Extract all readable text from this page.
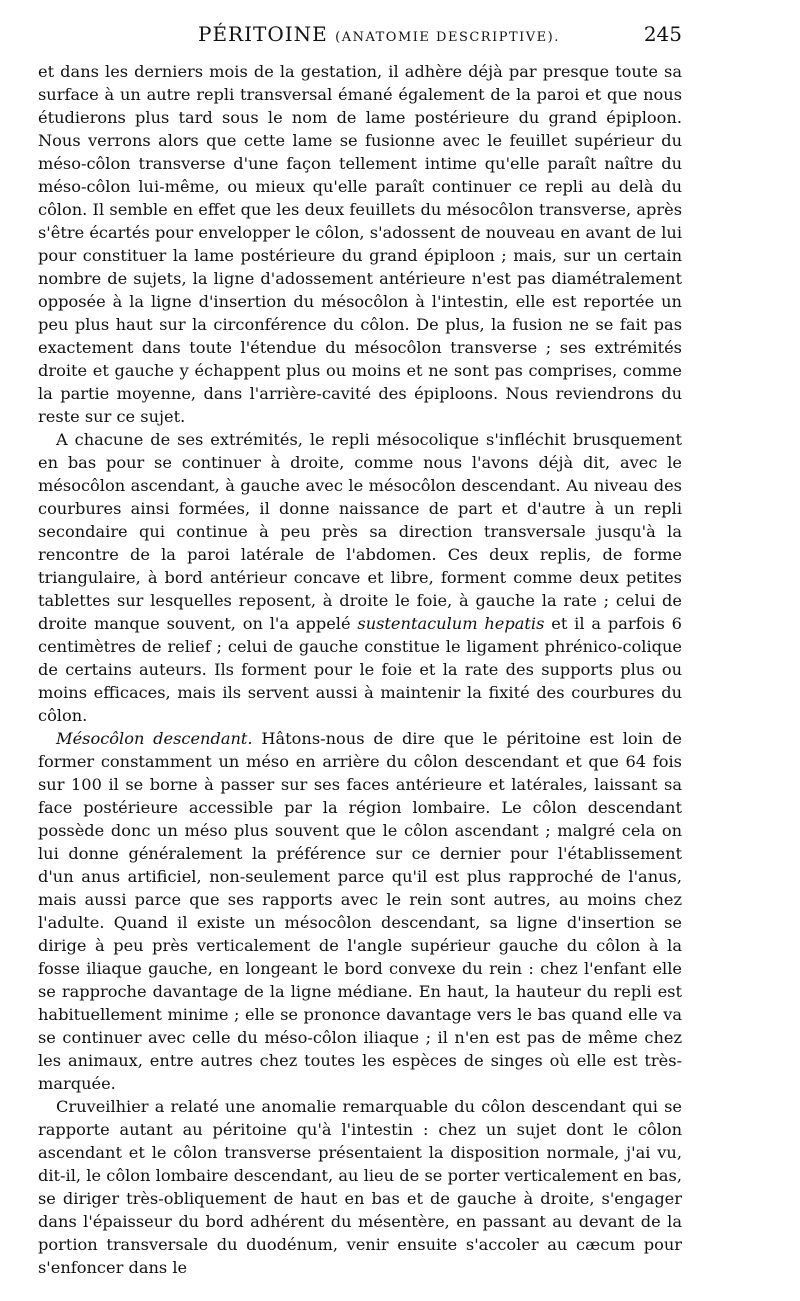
PÉRITOINE (ANATOMIE DESCRIPTIVE).	245

et dans les derniers mois de la gestation, il adhère déjà par presque toute sa surface à un autre repli transversal émané également de la paroi et que nous étudierons plus tard sous le nom de lame postérieure du grand épiploon. Nous verrons alors que cette lame se fusionne avec le feuillet supérieur du méso-côlon transverse d'une façon tellement intime qu'elle paraît naître du méso-côlon lui-même, ou mieux qu'elle paraît continuer ce repli au delà du côlon. Il semble en effet que les deux feuillets du mésocôlon transverse, après s'être écartés pour envelopper le côlon, s'adossent de nouveau en avant de lui pour constituer la lame postérieure du grand épiploon ; mais, sur un certain nombre de sujets, la ligne d'adossement antérieure n'est pas diamétralement opposée à la ligne d'insertion du mésocôlon à l'intestin, elle est reportée un peu plus haut sur la circonférence du côlon. De plus, la fusion ne se fait pas exactement dans toute l'étendue du mésocôlon transverse ; ses extrémités droite et gauche y échappent plus ou moins et ne sont pas comprises, comme la partie moyenne, dans l'arrière-cavité des épiploons. Nous reviendrons du reste sur ce sujet.

A chacune de ses extrémités, le repli mésocolique s'infléchit brusquement en bas pour se continuer à droite, comme nous l'avons déjà dit, avec le mésocôlon ascendant, à gauche avec le mésocôlon descendant. Au niveau des courbures ainsi formées, il donne naissance de part et d'autre à un repli secondaire qui continue à peu près sa direction transversale jusqu'à la rencontre de la paroi latérale de l'abdomen. Ces deux replis, de forme triangulaire, à bord antérieur concave et libre, forment comme deux petites tablettes sur lesquelles reposent, à droite le foie, à gauche la rate ; celui de droite manque souvent, on l'a appelé sustentaculum hepatis et il a parfois 6 centimètres de relief ; celui de gauche constitue le ligament phrénico-colique de certains auteurs. Ils forment pour le foie et la rate des supports plus ou moins efficaces, mais ils servent aussi à maintenir la fixité des courbures du côlon.

Mésocôlon descendant. Hâtons-nous de dire que le péritoine est loin de former constamment un méso en arrière du côlon descendant et que 64 fois sur 100 il se borne à passer sur ses faces antérieure et latérales, laissant sa face postérieure accessible par la région lombaire. Le côlon descendant possède donc un méso plus souvent que le côlon ascendant ; malgré cela on lui donne généralement la préférence sur ce dernier pour l'établissement d'un anus artificiel, non-seulement parce qu'il est plus rapproché de l'anus, mais aussi parce que ses rapports avec le rein sont autres, au moins chez l'adulte. Quand il existe un mésocôlon descendant, sa ligne d'insertion se dirige à peu près verticalement de l'angle supérieur gauche du côlon à la fosse iliaque gauche, en longeant le bord convexe du rein : chez l'enfant elle se rapproche davantage de la ligne médiane. En haut, la hauteur du repli est habituellement minime ; elle se prononce davantage vers le bas quand elle va se continuer avec celle du méso-côlon iliaque ; il n'en est pas de même chez les animaux, entre autres chez toutes les espèces de singes où elle est très-marquée.

Cruveilhier a relaté une anomalie remarquable du côlon descendant qui se rapporte autant au péritoine qu'à l'intestin : chez un sujet dont le côlon ascendant et le côlon transverse présentaient la disposition normale, j'ai vu, dit-il, le côlon lombaire descendant, au lieu de se porter verticalement en bas, se diriger très-obliquement de haut en bas et de gauche à droite, s'engager dans l'épaisseur du bord adhérent du mésentère, en passant au devant de la portion transversale du duodénum, venir ensuite s'accoler au cæcum pour s'enfoncer dans le
